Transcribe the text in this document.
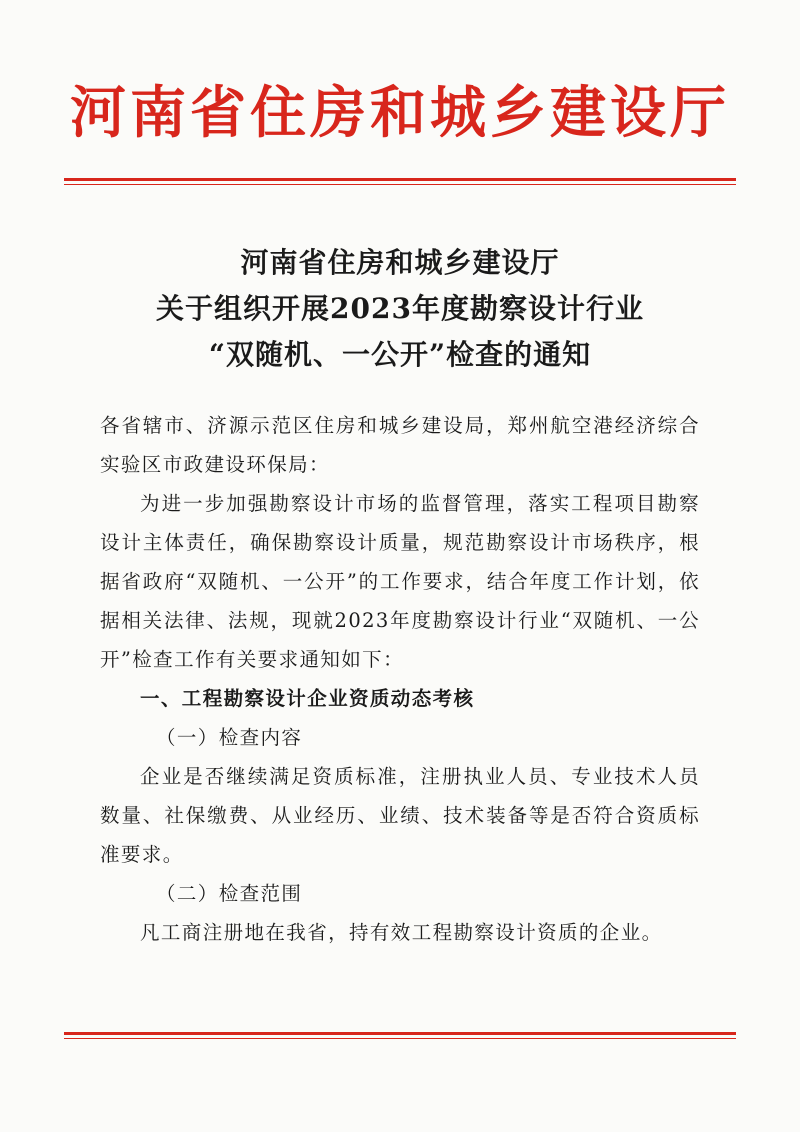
河南省住房和城乡建设厅
河南省住房和城乡建设厅
关于组织开展2023年度勘察设计行业
“双随机、一公开”检查的通知

各省辖市、济源示范区住房和城乡建设局，郑州航空港经济综合实验区市政建设环保局：

为进一步加强勘察设计市场的监督管理，落实工程项目勘察设计主体责任，确保勘察设计质量，规范勘察设计市场秩序，根据省政府“双随机、一公开”的工作要求，结合年度工作计划，依据相关法律、法规，现就2023年度勘察设计行业“双随机、一公开”检查工作有关要求通知如下：

一、工程勘察设计企业资质动态考核

（一）检查内容

企业是否继续满足资质标准，注册执业人员、专业技术人员数量、社保缴费、从业经历、业绩、技术装备等是否符合资质标准要求。

（二）检查范围

凡工商注册地在我省，持有效工程勘察设计资质的企业。
